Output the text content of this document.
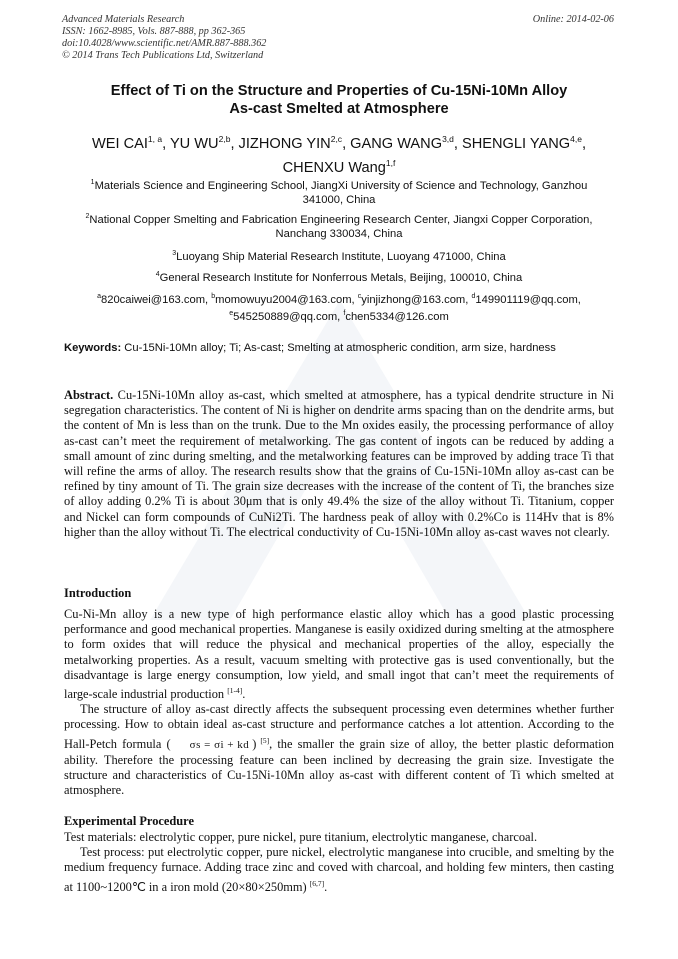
Advanced Materials Research
ISSN: 1662-8985, Vols. 887-888, pp 362-365
doi:10.4028/www.scientific.net/AMR.887-888.362
© 2014 Trans Tech Publications Ltd, Switzerland
Online: 2014-02-06
Effect of Ti on the Structure and Properties of Cu-15Ni-10Mn Alloy
As-cast Smelted at Atmosphere
WEI CAI$^{1, a}$, YU WU$^{2,b}$, JIZHONG YIN$^{2,c}$, GANG WANG$^{3,d}$, SHENGLI YANG$^{4,e}$,
CHENXU Wang$^{1,f}$
$^1$Materials Science and Engineering School, JiangXi University of Science and Technology, Ganzhou 341000, China
$^2$National Copper Smelting and Fabrication Engineering Research Center, Jiangxi Copper Corporation, Nanchang 330034, China
$^3$Luoyang Ship Material Research Institute, Luoyang 471000, China
$^4$General Research Institute for Nonferrous Metals, Beijing, 100010, China
$^a$820caiwei@163.com, $^b$momowuyu2004@163.com, $^c$yinjizhong@163.com, $^d$149901119@qq.com,
$^e$545250889@qq.com, $^f$chen5334@126.com
Keywords: Cu-15Ni-10Mn alloy; Ti; As-cast; Smelting at atmospheric condition, arm size, hardness
Abstract. Cu-15Ni-10Mn alloy as-cast, which smelted at atmosphere, has a typical dendrite structure in Ni segregation characteristics. The content of Ni is higher on dendrite arms spacing than on the dendrite arms, but the content of Mn is less than on the trunk. Due to the Mn oxides easily, the processing performance of alloy as-cast can’t meet the requirement of metalworking. The gas content of ingots can be reduced by adding a small amount of zinc during smelting, and the metalworking features can be improved by adding trace Ti that will refine the arms of alloy. The research results show that the grains of Cu-15Ni-10Mn alloy as-cast can be refined by tiny amount of Ti. The grain size decreases with the increase of the content of Ti, the branches size of alloy adding 0.2% Ti is about 30μm that is only 49.4% the size of the alloy without Ti. Titanium, copper and Nickel can form compounds of CuNi2Ti. The hardness peak of alloy with 0.2%Co is 114Hv that is 8% higher than the alloy without Ti. The electrical conductivity of Cu-15Ni-10Mn alloy as-cast waves not clearly.
Introduction

Cu-Ni-Mn alloy is a new type of high performance elastic alloy which has a good plastic processing performance and good mechanical properties. Manganese is easily oxidized during smelting at the atmosphere to form oxides that will reduce the physical and mechanical properties of the alloy, especially the metalworking properties. As a result, vacuum smelting with protective gas is used conventionally, but the disadvantage is large energy consumption, low yield, and small ingot that can’t meet the requirements of large-scale industrial production [1-4].

The structure of alloy as-cast directly affects the subsequent processing even determines whether further processing. How to obtain ideal as-cast structure and performance catches a lot attention. According to the Hall-Petch formula ( σs = σi + kd ) [5], the smaller the grain size of alloy, the better plastic deformation ability. Therefore the processing feature can been inclined by decreasing the grain size. Investigate the structure and characteristics of Cu-15Ni-10Mn alloy as-cast with different content of Ti which smelted at atmosphere.

Experimental Procedure

Test materials: electrolytic copper, pure nickel, pure titanium, electrolytic manganese, charcoal.

Test process: put electrolytic copper, pure nickel, electrolytic manganese into crucible, and smelting by the medium frequency furnace. Adding trace zinc and coved with charcoal, and holding few minters, then casting at 1100~1200℃ in a iron mold (20×80×250mm) [6,7].
